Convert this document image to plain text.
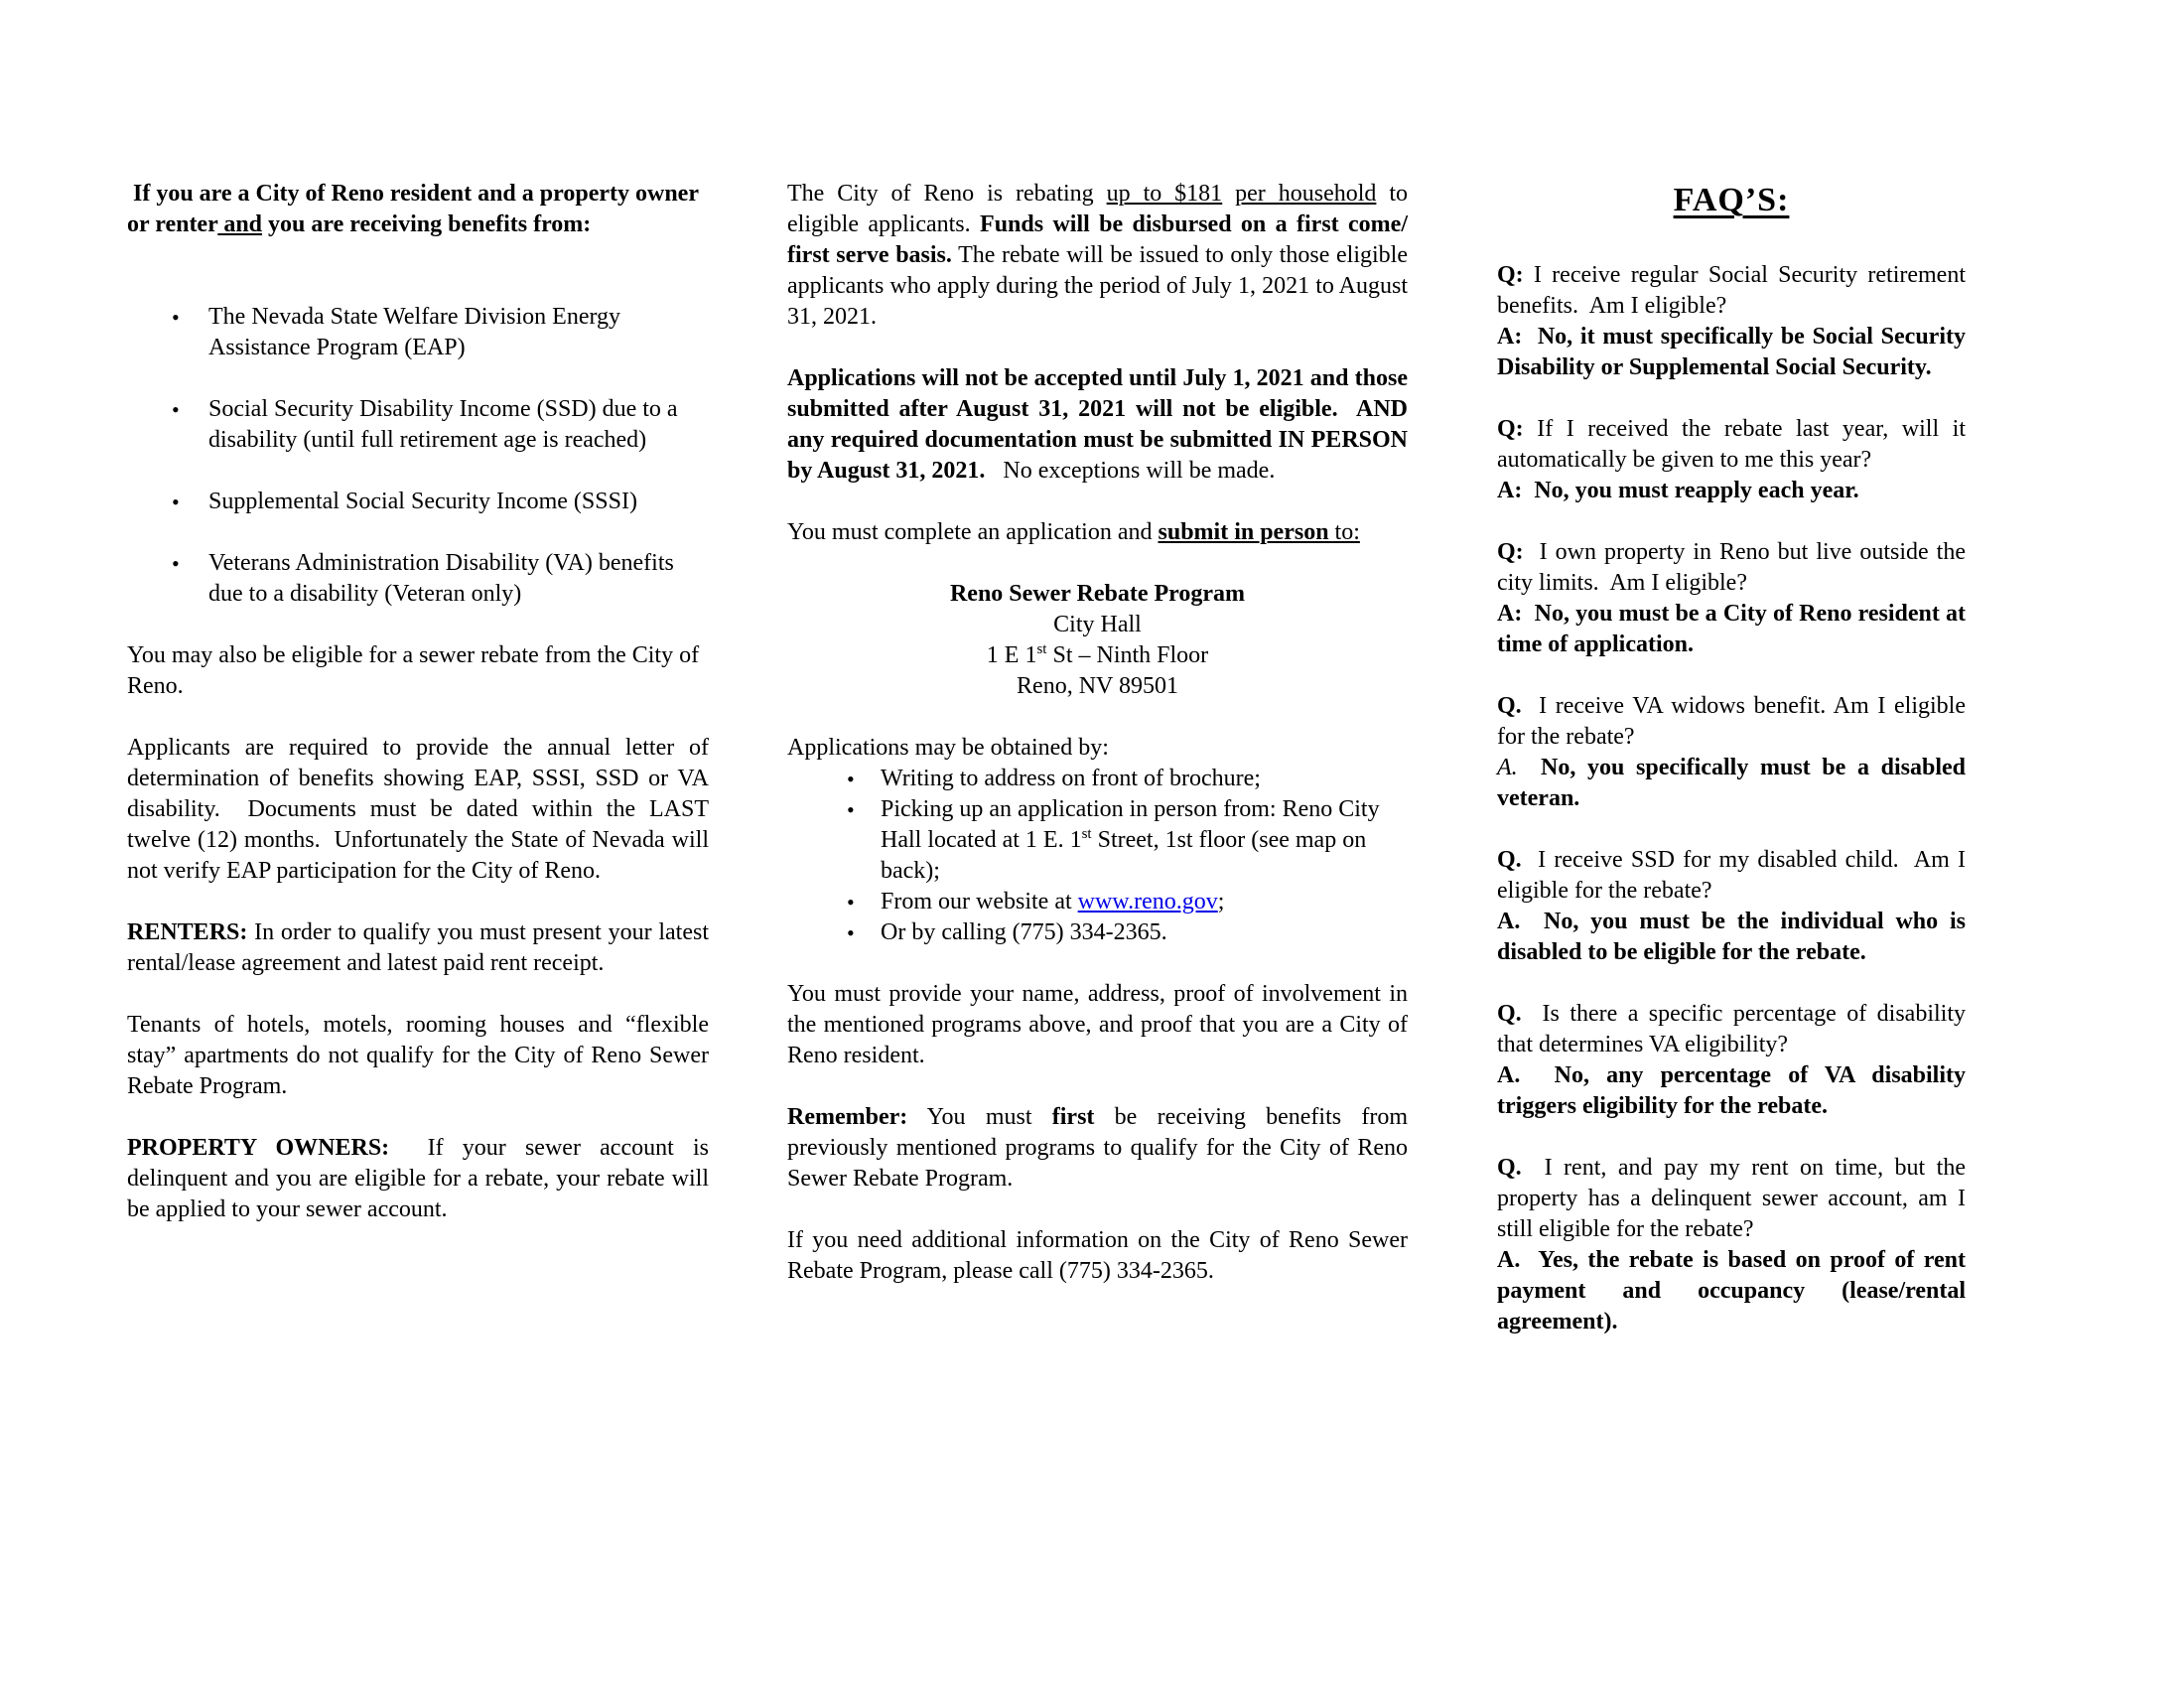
If you are a City of Reno resident and a property owner or renter and you are receiving benefits from:
•	The Nevada State Welfare Division Energy Assistance Program (EAP)
•	Social Security Disability Income (SSD) due to a disability (until full retirement age is reached)
•	Supplemental Social Security Income (SSSI)
•	Veterans Administration Disability (VA) benefits due to a disability (Veteran only)
You may also be eligible for a sewer rebate from the City of Reno.
Applicants are required to provide the annual letter of determination of benefits showing EAP, SSSI, SSD or VA disability.  Documents must be dated within the LAST twelve (12) months.  Unfortunately the State of Nevada will not verify EAP participation for the City of Reno.
RENTERS: In order to qualify you must present your latest rental/lease agreement and latest paid rent receipt.
Tenants of hotels, motels, rooming houses and “flexible stay” apartments do not qualify for the City of Reno Sewer Rebate Program.
PROPERTY OWNERS:  If your sewer account is delinquent and you are eligible for a rebate, your rebate will be applied to your sewer account.
The City of Reno is rebating up to $181 per household to eligible applicants. Funds will be disbursed on a first come/ first serve basis. The rebate will be issued to only those eligible applicants who apply during the period of July 1, 2021 to August 31, 2021.
Applications will not be accepted until July 1, 2021 and those submitted after August 31, 2021 will not be eligible.  AND any required documentation must be submitted IN PERSON by August 31, 2021.   No exceptions will be made.
You must complete an application and submit in person to:
Reno Sewer Rebate Program
City Hall
1 E 1st St – Ninth Floor
Reno, NV 89501
Applications may be obtained by:
•	Writing to address on front of brochure;
•	Picking up an application in person from: Reno City Hall located at 1 E. 1st Street, 1st floor (see map on back);
•	From our website at www.reno.gov;
•	Or by calling (775) 334-2365.
You must provide your name, address, proof of involvement in the mentioned programs above, and proof that you are a City of Reno resident.
Remember: You must first be receiving benefits from previously mentioned programs to qualify for the City of Reno Sewer Rebate Program.
If you need additional information on the City of Reno Sewer Rebate Program, please call (775) 334-2365.
FAQ’S:
Q: I receive regular Social Security retirement benefits.  Am I eligible?
A:  No, it must specifically be Social Security Disability or Supplemental Social Security.
Q: If I received the rebate last year, will it automatically be given to me this year?
A:  No, you must reapply each year.
Q:  I own property in Reno but live outside the city limits.  Am I eligible?
A:  No, you must be a City of Reno resident at time of application.
Q.  I receive VA widows benefit. Am I eligible for the rebate?
A. No, you specifically must be a disabled veteran.
Q.  I receive SSD for my disabled child.  Am I eligible for the rebate?
A.  No, you must be the individual who is disabled to be eligible for the rebate.
Q.  Is there a specific percentage of disability that determines VA eligibility?
A.  No, any percentage of VA disability triggers eligibility for the rebate.
Q.  I rent, and pay my rent on time, but the property has a delinquent sewer account, am I still eligible for the rebate?
A.  Yes, the rebate is based on proof of rent payment and occupancy (lease/rental agreement).
